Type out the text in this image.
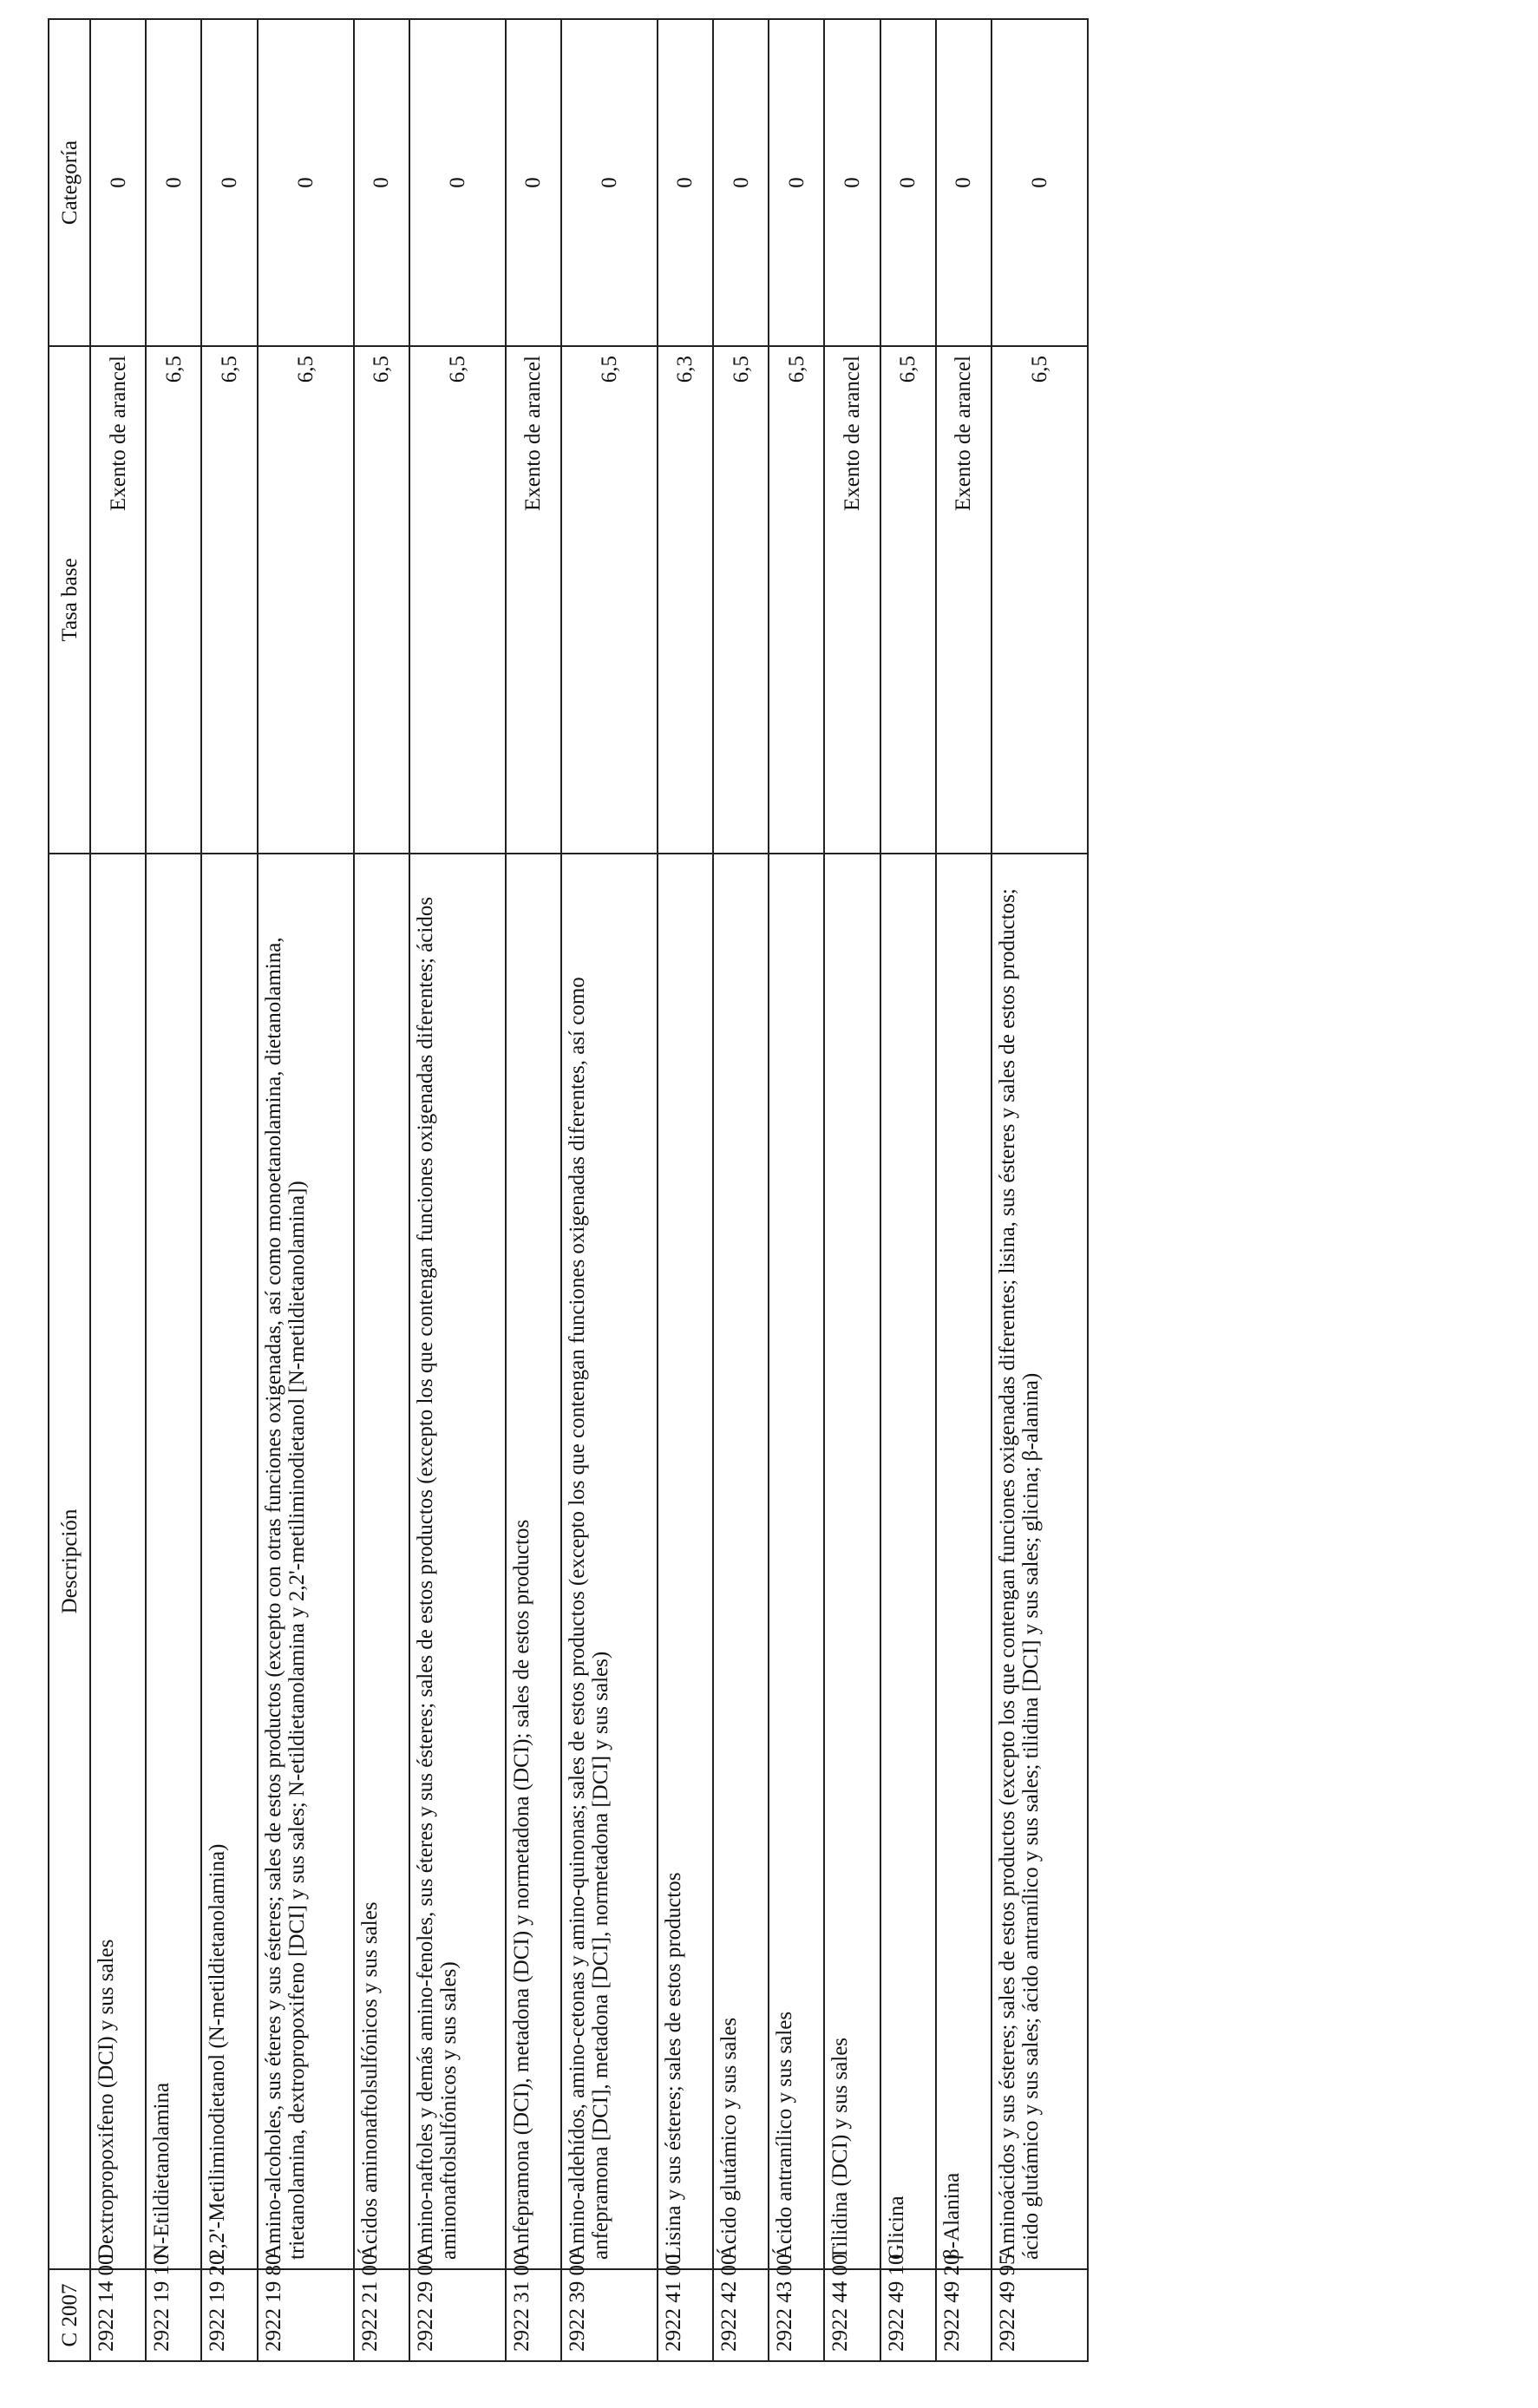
C 2007	Descripción	Tasa base	Categoría
2922 14 00	Dextropropoxifeno (DCI) y sus sales	Exento de arancel	0
2922 19 10	N-Etildietanolamina	6,5	0
2922 19 20	2,2'-Metiliminodietanol (N-metildietanolamina)	6,5	0
2922 19 80	Amino-alcoholes, sus éteres y sus ésteres; sales de estos productos (excepto con otras funciones oxigenadas, así como monoetanolamina, dietanolamina, trietanolamina, dextropropoxifeno [DCI] y sus sales; N-etildietanolamina y 2,2'-metiliminodietanol [N-metildietanolamina])	6,5	0
2922 21 00	Ácidos aminonaftolsulfónicos y sus sales	6,5	0
2922 29 00	Amino-naftoles y demás amino-fenoles, sus éteres y sus ésteres; sales de estos productos (excepto los que contengan funciones oxigenadas diferentes; ácidos aminonaftolsulfónicos y sus sales)	6,5	0
2922 31 00	Anfepramona (DCI), metadona (DCI) y normetadona (DCI); sales de estos productos	Exento de arancel	0
2922 39 00	Amino-aldehídos, amino-cetonas y amino-quinonas; sales de estos productos (excepto los que contengan funciones oxigenadas diferentes, así como anfepramona [DCI], metadona [DCI], normetadona [DCI] y sus sales)	6,5	0
2922 41 00	Lisina y sus ésteres; sales de estos productos	6,3	0
2922 42 00	Ácido glutámico y sus sales	6,5	0
2922 43 00	Ácido antranílico y sus sales	6,5	0
2922 44 00	Tilidina (DCI) y sus sales	Exento de arancel	0
2922 49 10	Glicina	6,5	0
2922 49 20	β-Alanina	Exento de arancel	0
2922 49 95	Aminoácidos y sus ésteres; sales de estos productos (excepto los que contengan funciones oxigenadas diferentes; lisina, sus ésteres y sales de estos productos; ácido glutámico y sus sales; ácido antranílico y sus sales; tilidina [DCI] y sus sales; glicina; β-alanina)	6,5	0
